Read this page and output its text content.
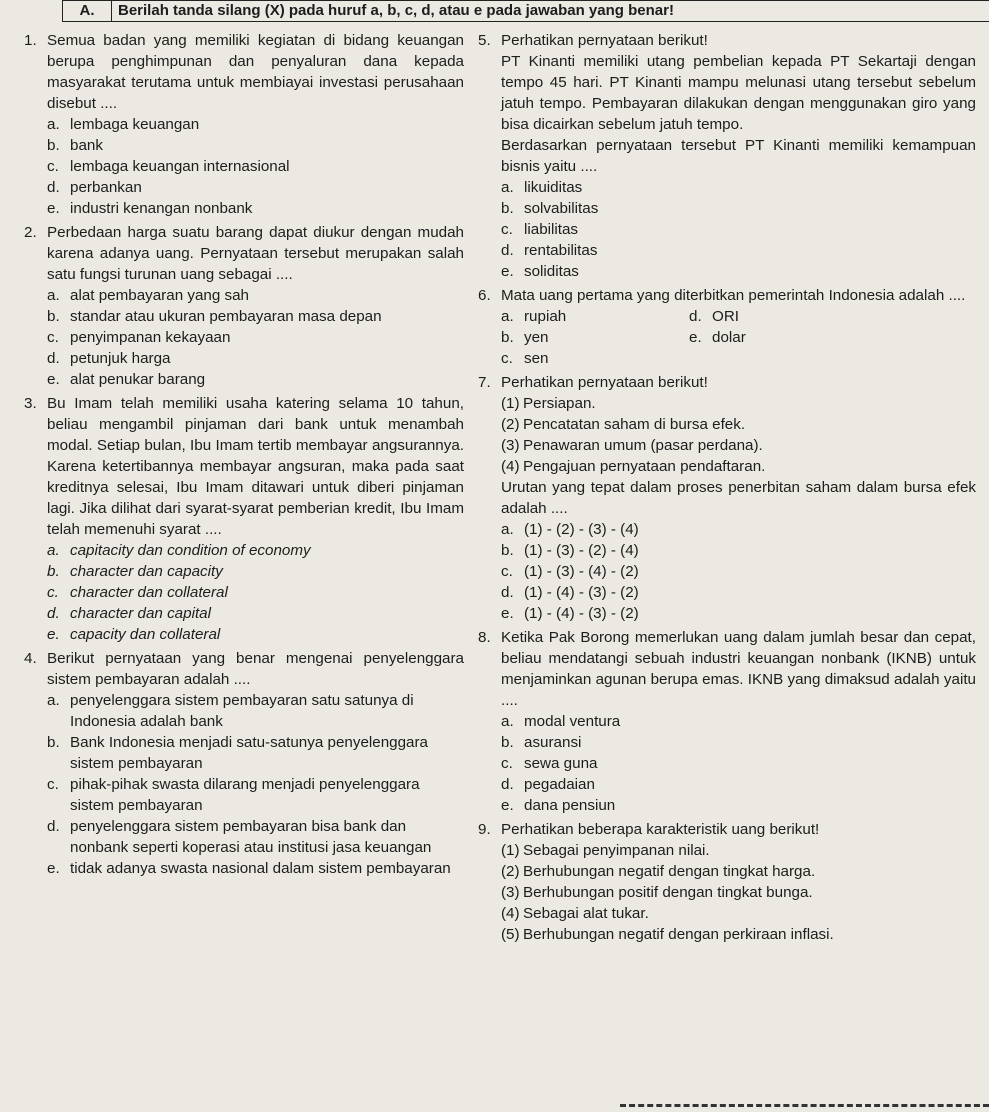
A.	Berilah tanda silang (X) pada huruf a, b, c, d, atau e pada jawaban yang benar!
1. Semua badan yang memiliki kegiatan di bidang keuangan berupa penghimpunan dan penyaluran dana kepada masyarakat terutama untuk membiayai investasi perusahaan disebut ....
a. lembaga keuangan
b. bank
c. lembaga keuangan internasional
d. perbankan
e. industri kenangan nonbank
2. Perbedaan harga suatu barang dapat diukur dengan mudah karena adanya uang. Pernyataan tersebut merupakan salah satu fungsi turunan uang sebagai ....
a. alat pembayaran yang sah
b. standar atau ukuran pembayaran masa depan
c. penyimpanan kekayaan
d. petunjuk harga
e. alat penukar barang
3. Bu Imam telah memiliki usaha katering selama 10 tahun, beliau mengambil pinjaman dari bank untuk menambah modal. Setiap bulan, Ibu Imam tertib membayar angsurannya. Karena ketertibannya membayar angsuran, maka pada saat kreditnya selesai, Ibu Imam ditawari untuk diberi pinjaman lagi. Jika dilihat dari syarat-syarat pemberian kredit, Ibu Imam telah memenuhi syarat ....
a. capitacity dan condition of economy
b. character dan capacity
c. character dan collateral
d. character dan capital
e. capacity dan collateral
4. Berikut pernyataan yang benar mengenai penyelenggara sistem pembayaran adalah ....
a. penyelenggara sistem pembayaran satu satunya di Indonesia adalah bank
b. Bank Indonesia menjadi satu-satunya penyelenggara sistem pembayaran
c. pihak-pihak swasta dilarang menjadi penyelenggara sistem pembayaran
d. penyelenggara sistem pembayaran bisa bank dan nonbank seperti koperasi atau institusi jasa keuangan
e. tidak adanya swasta nasional dalam sistem pembayaran
5. Perhatikan pernyataan berikut!
PT Kinanti memiliki utang pembelian kepada PT Sekartaji dengan tempo 45 hari. PT Kinanti mampu melunasi utang tersebut sebelum jatuh tempo. Pembayaran dilakukan dengan menggunakan giro yang bisa dicairkan sebelum jatuh tempo.
Berdasarkan pernyataan tersebut PT Kinanti memiliki kemampuan bisnis yaitu ....
a. likuiditas
b. solvabilitas
c. liabilitas
d. rentabilitas
e. soliditas
6. Mata uang pertama yang diterbitkan pemerintah Indonesia adalah ....
a. rupiah	d. ORI
b. yen	e. dolar
c. sen
7. Perhatikan pernyataan berikut!
(1) Persiapan.
(2) Pencatatan saham di bursa efek.
(3) Penawaran umum (pasar perdana).
(4) Pengajuan pernyataan pendaftaran.
Urutan yang tepat dalam proses penerbitan saham dalam bursa efek adalah ....
a. (1) - (2) - (3) - (4)
b. (1) - (3) - (2) - (4)
c. (1) - (3) - (4) - (2)
d. (1) - (4) - (3) - (2)
e. (1) - (4) - (3) - (2)
8. Ketika Pak Borong memerlukan uang dalam jumlah besar dan cepat, beliau mendatangi sebuah industri keuangan nonbank (IKNB) untuk menjaminkan agunan berupa emas. IKNB yang dimaksud adalah yaitu ....
a. modal ventura
b. asuransi
c. sewa guna
d. pegadaian
e. dana pensiun
9. Perhatikan beberapa karakteristik uang berikut!
(1) Sebagai penyimpanan nilai.
(2) Berhubungan negatif dengan tingkat harga.
(3) Berhubungan positif dengan tingkat bunga.
(4) Sebagai alat tukar.
(5) Berhubungan negatif dengan perkiraan inflasi.
